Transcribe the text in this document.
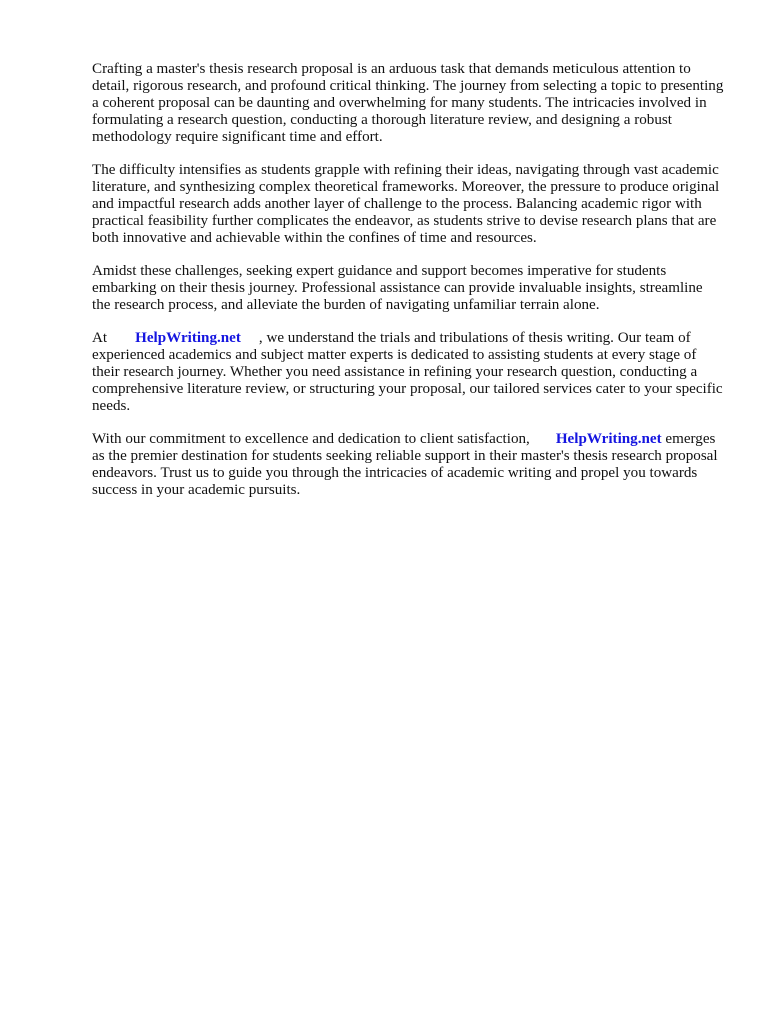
Crafting a master's thesis research proposal is an arduous task that demands meticulous attention to detail, rigorous research, and profound critical thinking. The journey from selecting a topic to presenting a coherent proposal can be daunting and overwhelming for many students. The intricacies involved in formulating a research question, conducting a thorough literature review, and designing a robust methodology require significant time and effort.

The difficulty intensifies as students grapple with refining their ideas, navigating through vast academic literature, and synthesizing complex theoretical frameworks. Moreover, the pressure to produce original and impactful research adds another layer of challenge to the process. Balancing academic rigor with practical feasibility further complicates the endeavor, as students strive to devise research plans that are both innovative and achievable within the confines of time and resources.

Amidst these challenges, seeking expert guidance and support becomes imperative for students embarking on their thesis journey. Professional assistance can provide invaluable insights, streamline the research process, and alleviate the burden of navigating unfamiliar terrain alone.

At HelpWriting.net , we understand the trials and tribulations of thesis writing. Our team of experienced academics and subject matter experts is dedicated to assisting students at every stage of their research journey. Whether you need assistance in refining your research question, conducting a comprehensive literature review, or structuring your proposal, our tailored services cater to your specific needs.

With our commitment to excellence and dedication to client satisfaction, HelpWriting.net emerges as the premier destination for students seeking reliable support in their master's thesis research proposal endeavors. Trust us to guide you through the intricacies of academic writing and propel you towards success in your academic pursuits.
